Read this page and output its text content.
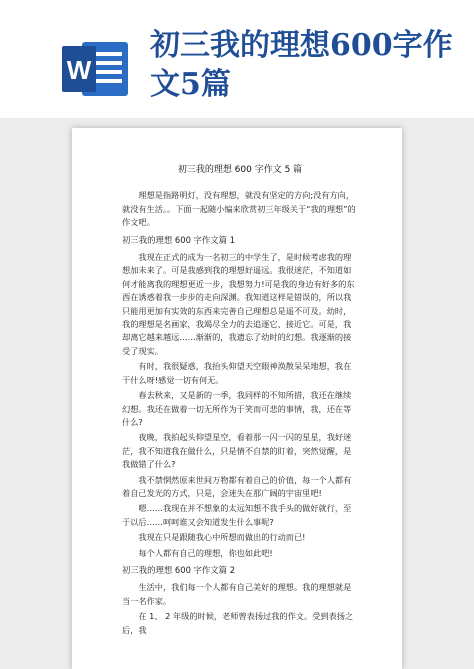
W
初三我的理想600字作文5篇
初三我的理想 600 字作文 5 篇

理想是指路明灯，没有理想，就没有坚定的方向;没有方向，就没有生活。。下面一起随小编来欣赏初三年级关于“我的理想”的作文吧。

初三我的理想 600 字作文篇 1

我现在正式的成为一名初三的中学生了，是时候考虑我的理想加未来了。可是我感到我的理想好遥远。我很迷茫，不知道如何才能离我的理想更近一步，我想努力!可是我的身边有好多的东西在诱惑着我一步步的走向深渊。我知道这样是错误的，所以我只能用更加有实效的东西来完善自己理想总是遥不可及。幼时，我的理想是名画家，我竭尽全力的去追逐它、接近它。可是，我却离它越来越远……渐渐的，我遗忘了幼时的幻想。我逐渐的接受了现实。

有时，我很疑惑，我抬头仰望天空眼神涣散呆呆地想，我在干什么呀!感觉一切有何无。

春去秋来，又是新的一季，我同样的不知所措，我还在继续幻想。我还在做着一切无所作为于笑而可悲的事情，我，还在等什么?

夜晚，我拍起头仰望星空，看着那一闪一闪的星星，我好迷茫，我不知道我在做什么，只是情不自禁的盯着，突然觉醒，是我做错了什么?

我不禁惘然原来世间万物都有着自己的价值，每一个人都有着自己发光的方式，只是，会迷失在那广阔的宇宙里吧!

嗯……我现在并不想象的太远知想不我手头的做好就行，至于以后……呵呵谁又会知道发生什么事呢?

我现在只是跟随我心中所想而做出的行动而已!

每个人都有自己的理想，你也如此吧!

初三我的理想 600 字作文篇 2

生活中，我们每一个人都有自己美好的理想。我的理想就是当一名作家。

在 1、 2 年级的时候，老师曾表扬过我的作文。受到表扬之后，我
